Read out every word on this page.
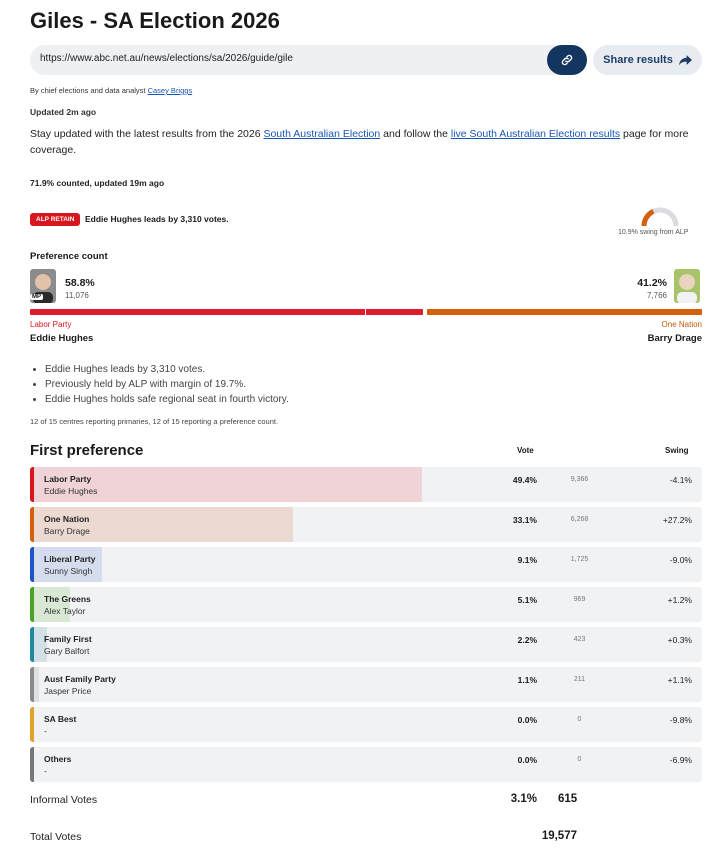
Giles - SA Election 2026
https://www.abc.net.au/news/elections/sa/2026/guide/gile	Share results
By chief elections and data analyst Casey Briggs
Updated 2m ago
Stay updated with the latest results from the 2026 South Australian Election and follow the live South Australian Election results page for more coverage.
71.9% counted, updated 19m ago
ALP RETAIN	Eddie Hughes leads by 3,310 votes.
10.9% swing from ALP
Preference count
MP
58.8%
11,076
41.2%
7,766
Labor Party	One Nation
Eddie Hughes	Barry Drage
• Eddie Hughes leads by 3,310 votes.
• Previously held by ALP with margin of 19.7%.
• Eddie Hughes holds safe regional seat in fourth victory.
12 of 15 centres reporting primaries, 12 of 15 reporting a preference count.
First preference	Vote	Swing
Labor Party
Eddie Hughes
49.4%	9,366	-4.1%
One Nation
Barry Drage
33.1%	6,268	+27.2%
Liberal Party
Sunny Singh
9.1%	1,725	-9.0%
The Greens
Alex Taylor
5.1%	969	+1.2%
Family First
Gary Balfort
2.2%	423	+0.3%
Aust Family Party
Jasper Price
1.1%	211	+1.1%
SA Best
-
0.0%	0	-9.8%
Others
-
0.0%	0	-6.9%
Informal Votes	3.1% 615
Total Votes	19,577
